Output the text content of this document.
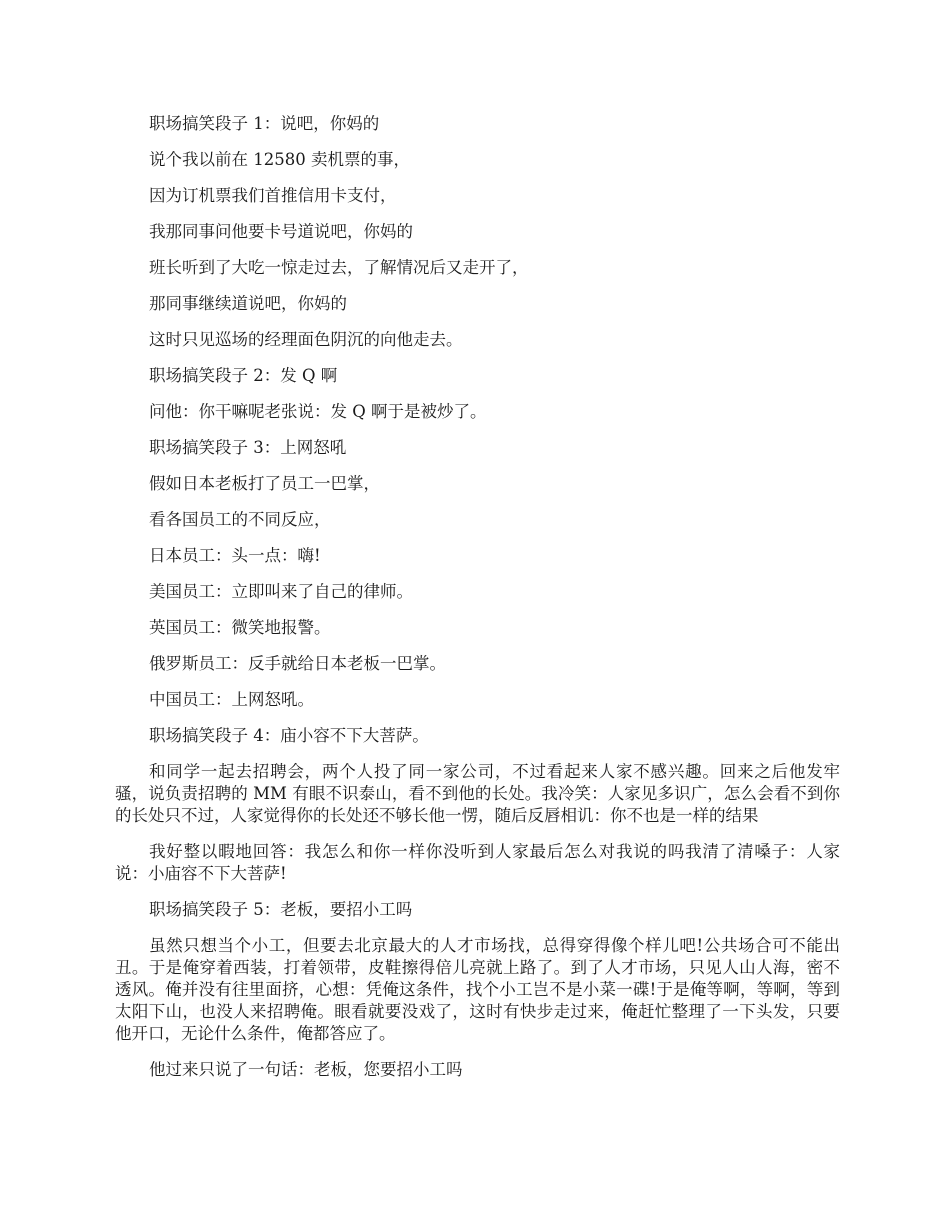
职场搞笑段子 1：说吧，你妈的

说个我以前在 12580 卖机票的事，

因为订机票我们首推信用卡支付，

我那同事问他要卡号道说吧，你妈的

班长听到了大吃一惊走过去，了解情况后又走开了，

那同事继续道说吧，你妈的

这时只见巡场的经理面色阴沉的向他走去。

职场搞笑段子 2：发 Q 啊

问他：你干嘛呢老张说：发 Q 啊于是被炒了。

职场搞笑段子 3：上网怒吼

假如日本老板打了员工一巴掌，

看各国员工的不同反应，

日本员工：头一点：嗨!

美国员工：立即叫来了自己的律师。

英国员工：微笑地报警。

俄罗斯员工：反手就给日本老板一巴掌。

中国员工：上网怒吼。

职场搞笑段子 4：庙小容不下大菩萨。

和同学一起去招聘会，两个人投了同一家公司，不过看起来人家不感兴趣。回来之后他发牢骚，说负责招聘的 MM 有眼不识泰山，看不到他的长处。我冷笑：人家见多识广，怎么会看不到你的长处只不过，人家觉得你的长处还不够长他一愣，随后反唇相讥：你不也是一样的结果

我好整以暇地回答：我怎么和你一样你没听到人家最后怎么对我说的吗我清了清嗓子：人家说：小庙容不下大菩萨!

职场搞笑段子 5：老板，要招小工吗

虽然只想当个小工，但要去北京最大的人才市场找，总得穿得像个样儿吧!公共场合可不能出丑。于是俺穿着西装，打着领带，皮鞋擦得倍儿亮就上路了。到了人才市场，只见人山人海，密不透风。俺并没有往里面挤，心想：凭俺这条件，找个小工岂不是小菜一碟!于是俺等啊，等啊，等到太阳下山，也没人来招聘俺。眼看就要没戏了，这时有快步走过来，俺赶忙整理了一下头发，只要他开口，无论什么条件，俺都答应了。

他过来只说了一句话：老板，您要招小工吗
